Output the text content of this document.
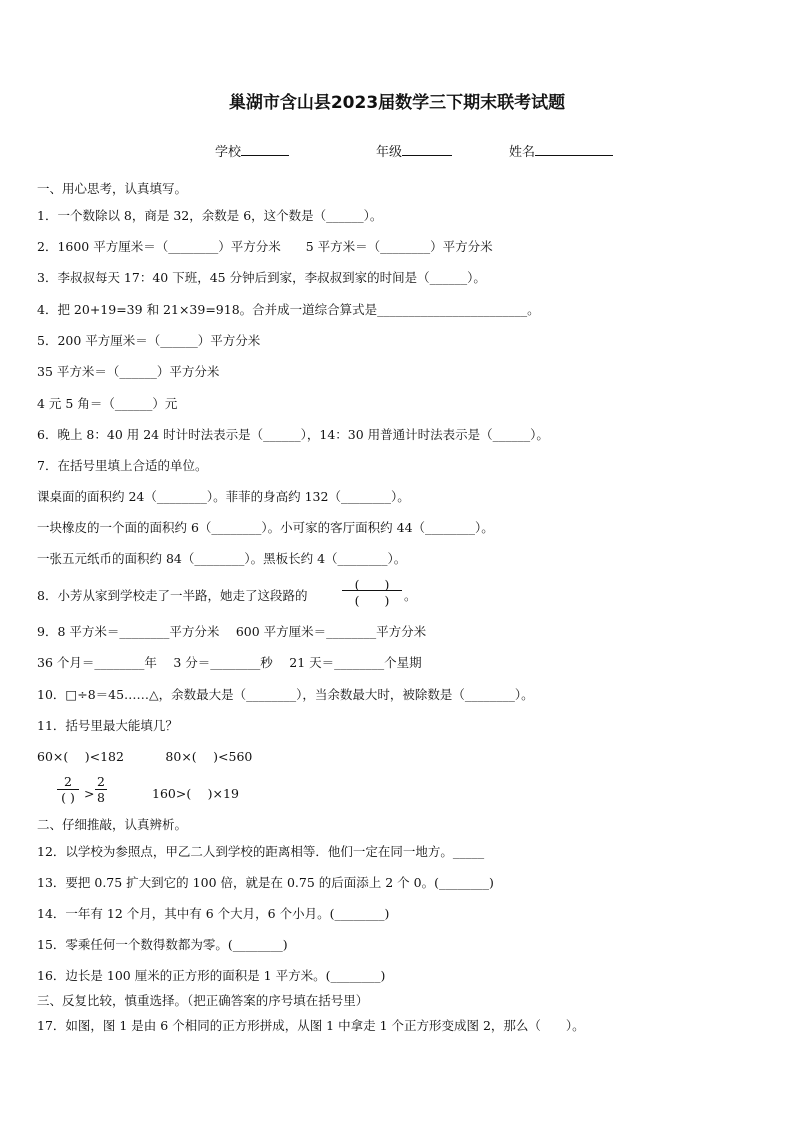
巢湖市含山县2023届数学三下期末联考试题
学校	年级	姓名
一、用心思考，认真填写。
1．一个数除以 8，商是 32，余数是 6，这个数是（______）。
2．1600 平方厘米＝（________）平方分米　　5 平方米＝（________）平方分米
3．李叔叔每天 17：40 下班，45 分钟后到家，李叔叔到家的时间是（______）。
4．把 20+19=39 和 21×39=918。合并成一道综合算式是________________________。
5．200 平方厘米＝（______）平方分米
35 平方米＝（______）平方分米
4 元 5 角＝（______）元
6．晚上 8：40 用 24 时计时法表示是（______），14：30 用普通计时法表示是（______）。
7．在括号里填上合适的单位。
课桌面的面积约 24（________）。菲菲的身高约 132（________）。
一块橡皮的一个面的面积约 6（________）。小可家的客厅面积约 44（________）。
一张五元纸币的面积约 84（________）。黑板长约 4（________）。
8．小芳从家到学校走了一半路，她走了这段路的
(　　)
(　　)	。
9．8 平方米＝________平方分米　 600 平方厘米＝________平方分米
36 个月＝________年　 3 分＝________秒　 21 天＝________个星期
10．□÷8＝45……△，余数最大是（________），当余数最大时，被除数是（________）。
11．括号里最大能填几？
60×(　 )<182　　　 80×(　 )<560
2
( ) > $\frac{2}{8}$	160>(　 )×19
二、仔细推敲，认真辨析。
12．以学校为参照点，甲乙二人到学校的距离相等．他们一定在同一地方。_____
13．要把 0.75 扩大到它的 100 倍，就是在 0.75 的后面添上 2 个 0。(________)
14．一年有 12 个月，其中有 6 个大月，6 个小月。(________)
15．零乘任何一个数得数都为零。(________)
16．边长是 100 厘米的正方形的面积是 1 平方米。(________)
三、反复比较，慎重选择。（把正确答案的序号填在括号里）
17．如图，图 1 是由 6 个相同的正方形拼成，从图 1 中拿走 1 个正方形变成图 2，那么（　　）。
